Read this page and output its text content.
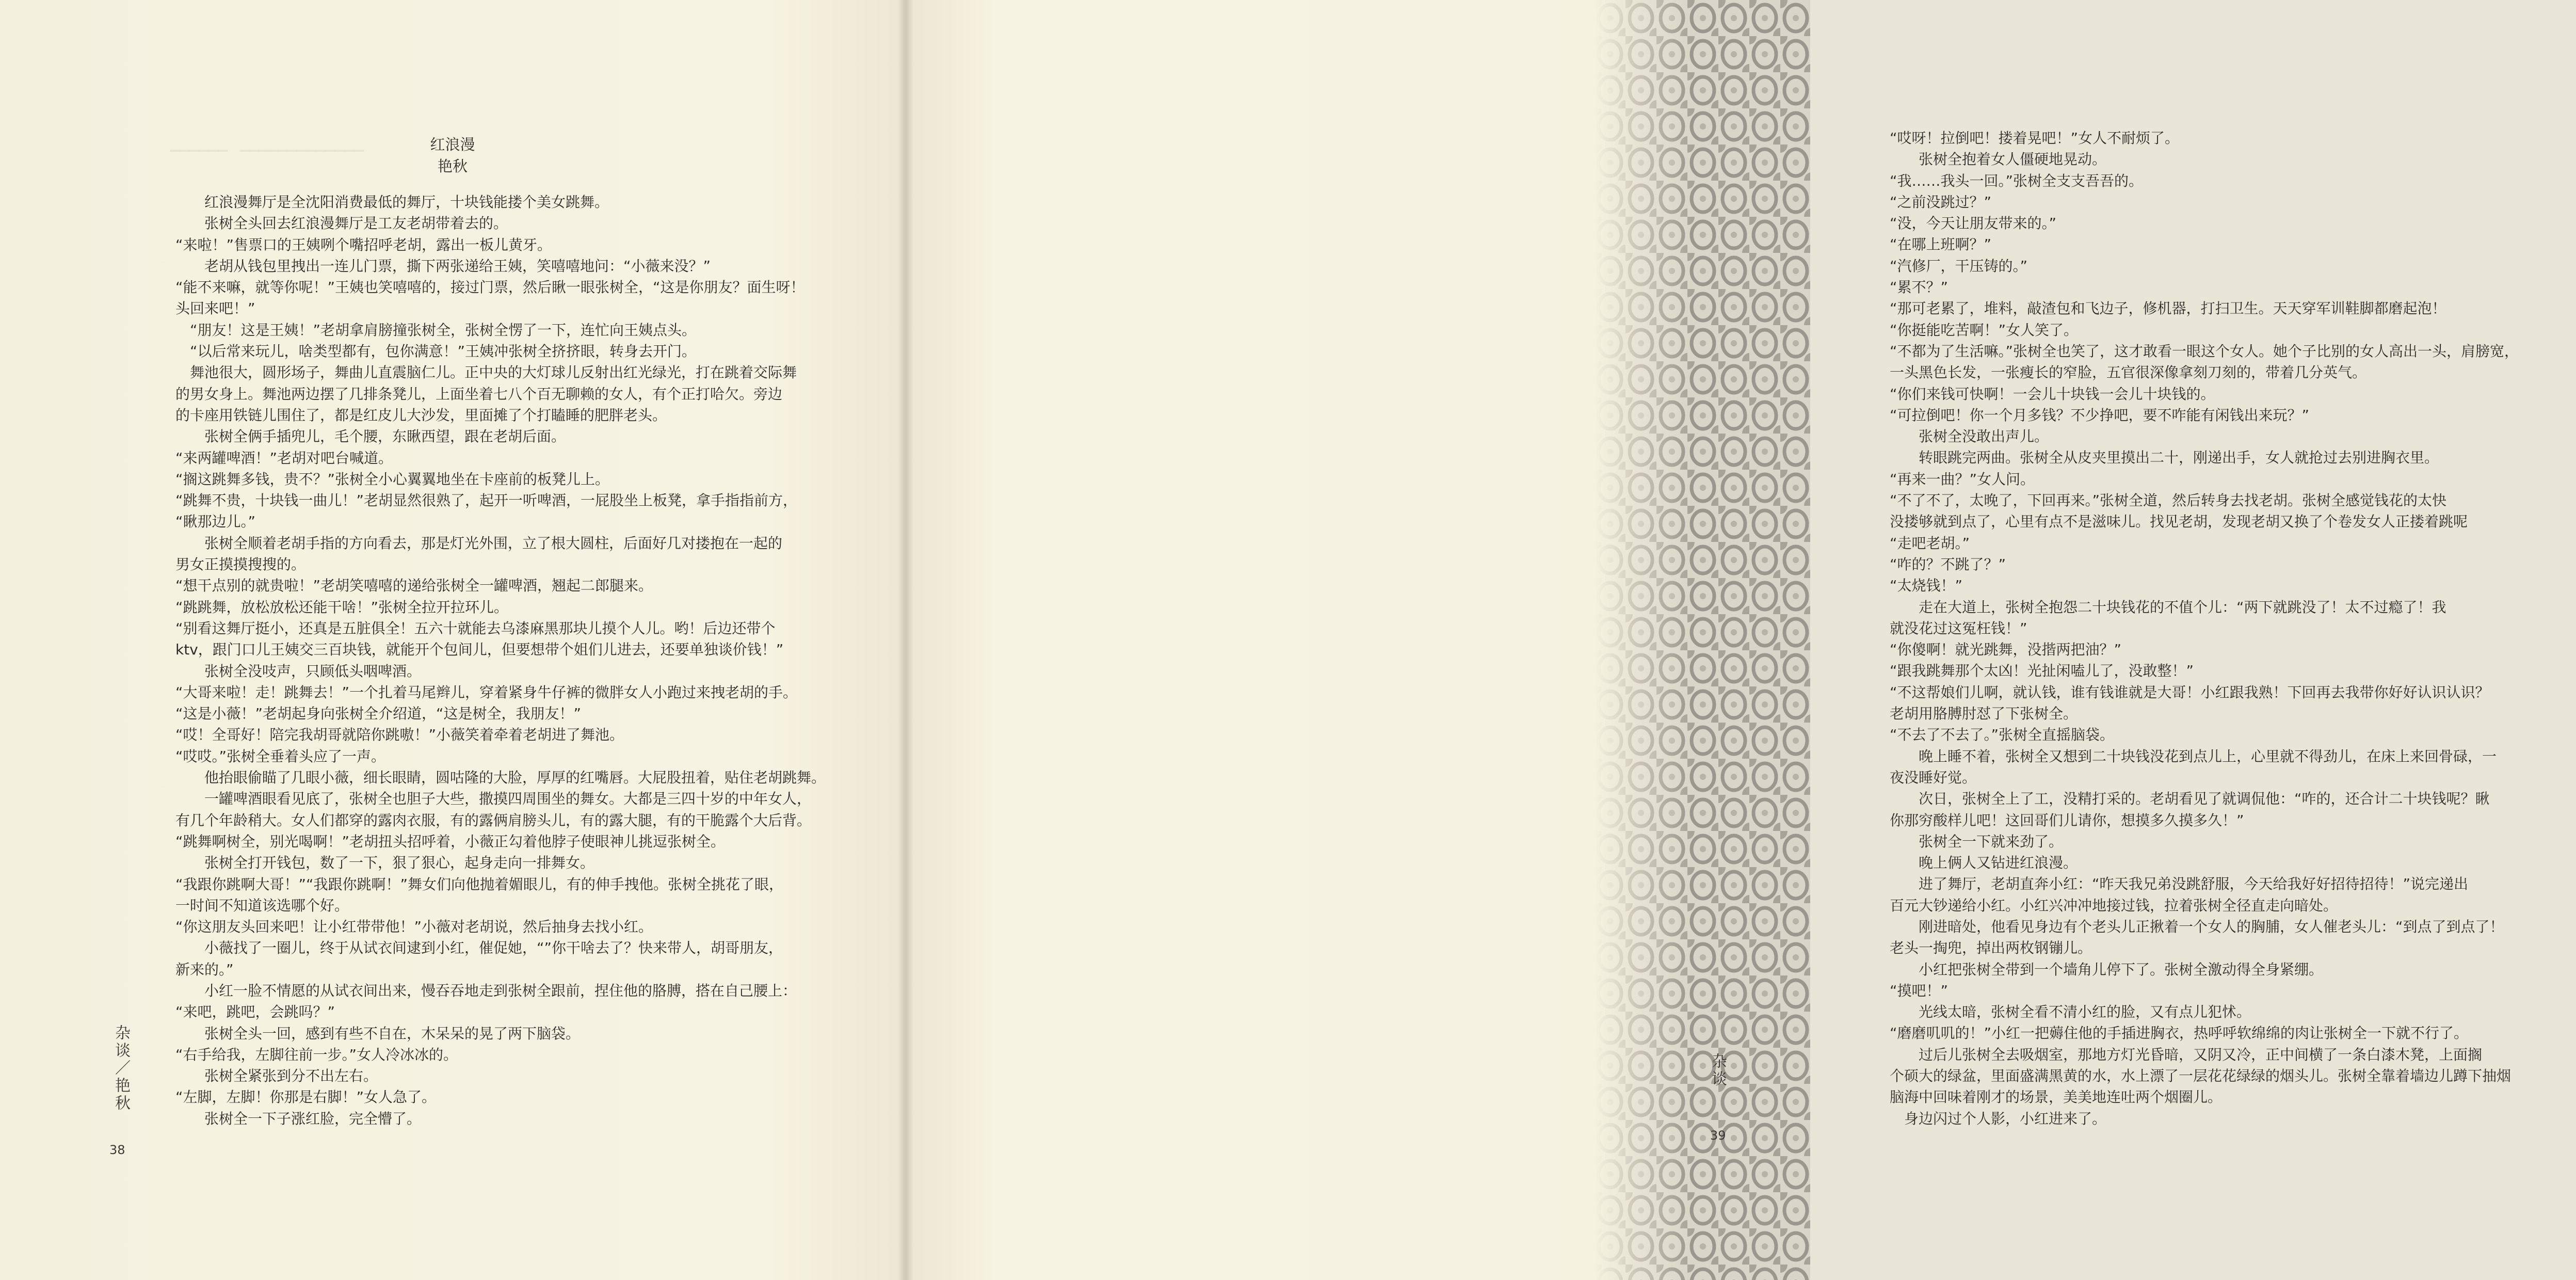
▁▁▁▁▁▁　▁▁▁▁▁▁▁▁▁▁▁▁▁	红浪漫
艳秋

红浪漫舞厅是全沈阳消费最低的舞厅，十块钱能搂个美女跳舞。

张树全头回去红浪漫舞厅是工友老胡带着去的。

“来啦！”售票口的王姨咧个嘴招呼老胡，露出一板儿黄牙。

老胡从钱包里拽出一连儿门票，撕下两张递给王姨，笑嘻嘻地问：“小薇来没？”

“能不来嘛，就等你呢！”王姨也笑嘻嘻的，接过门票，然后瞅一眼张树全，“这是你朋友？面生呀！

头回来吧！”

“朋友！这是王姨！”老胡拿肩膀撞张树全，张树全愣了一下，连忙向王姨点头。

“以后常来玩儿，啥类型都有，包你满意！”王姨冲张树全挤挤眼，转身去开门。

舞池很大，圆形场子，舞曲儿直震脑仁儿。正中央的大灯球儿反射出红光绿光，打在跳着交际舞

的男女身上。舞池两边摆了几排条凳儿，上面坐着七八个百无聊赖的女人，有个正打哈欠。旁边

的卡座用铁链儿围住了，都是红皮儿大沙发，里面摊了个打瞌睡的肥胖老头。

张树全俩手插兜儿，毛个腰，东瞅西望，跟在老胡后面。

“来两罐啤酒！”老胡对吧台喊道。

“搁这跳舞多钱，贵不？”张树全小心翼翼地坐在卡座前的板凳儿上。

“跳舞不贵，十块钱一曲儿！”老胡显然很熟了，起开一听啤酒，一屁股坐上板凳，拿手指指前方，

“瞅那边儿。”

张树全顺着老胡手指的方向看去，那是灯光外围，立了根大圆柱，后面好几对搂抱在一起的

男女正摸摸搜搜的。

“想干点别的就贵啦！”老胡笑嘻嘻的递给张树全一罐啤酒，翘起二郎腿来。

“跳跳舞，放松放松还能干啥！”张树全拉开拉环儿。

“别看这舞厅挺小，还真是五脏俱全！五六十就能去乌漆麻黑那块儿摸个人儿。哟！后边还带个

ktv，跟门口儿王姨交三百块钱，就能开个包间儿，但要想带个姐们儿进去，还要单独谈价钱！”

张树全没吱声，只顾低头咽啤酒。

“大哥来啦！走！跳舞去！”一个扎着马尾辫儿，穿着紧身牛仔裤的微胖女人小跑过来拽老胡的手。

“这是小薇！”老胡起身向张树全介绍道，“这是树全，我朋友！”

“哎！全哥好！陪完我胡哥就陪你跳嗷！”小薇笑着牵着老胡进了舞池。

“哎哎。”张树全垂着头应了一声。

他抬眼偷瞄了几眼小薇，细长眼睛，圆咕隆的大脸，厚厚的红嘴唇。大屁股扭着，贴住老胡跳舞。

一罐啤酒眼看见底了，张树全也胆子大些，撒摸四周围坐的舞女。大都是三四十岁的中年女人，

有几个年龄稍大。女人们都穿的露肉衣服，有的露俩肩膀头儿，有的露大腿，有的干脆露个大后背。

“跳舞啊树全，别光喝啊！”老胡扭头招呼着，小薇正勾着他脖子使眼神儿挑逗张树全。

张树全打开钱包，数了一下，狠了狠心，起身走向一排舞女。

“我跟你跳啊大哥！”“我跟你跳啊！”舞女们向他抛着媚眼儿，有的伸手拽他。张树全挑花了眼，

一时间不知道该选哪个好。

“你这朋友头回来吧！让小红带带他！”小薇对老胡说，然后抽身去找小红。

小薇找了一圈儿，终于从试衣间逮到小红，催促她，“”你干啥去了？快来带人，胡哥朋友，

新来的。”

小红一脸不情愿的从试衣间出来，慢吞吞地走到张树全跟前，捏住他的胳膊，搭在自己腰上：

“来吧，跳吧，会跳吗？”

张树全头一回，感到有些不自在，木呆呆的晃了两下脑袋。

“右手给我，左脚往前一步。”女人冷冰冰的。

张树全紧张到分不出左右。

“左脚，左脚！你那是右脚！”女人急了。

张树全一下子涨红脸，完全懵了。

杂谈／艳秋
38

“哎呀！拉倒吧！搂着晃吧！”女人不耐烦了。

张树全抱着女人僵硬地晃动。

“我……我头一回。”张树全支支吾吾的。

“之前没跳过？”

“没，今天让朋友带来的。”

“在哪上班啊？”

“汽修厂，干压铸的。”

“累不？”

“那可老累了，堆料，敲渣包和飞边子，修机器，打扫卫生。天天穿军训鞋脚都磨起泡！

“你挺能吃苦啊！”女人笑了。

“不都为了生活嘛。”张树全也笑了，这才敢看一眼这个女人。她个子比别的女人高出一头，肩膀宽，

一头黑色长发，一张瘦长的窄脸，五官很深像拿刻刀刻的，带着几分英气。

“你们来钱可快啊！一会儿十块钱一会儿十块钱的。

“可拉倒吧！你一个月多钱？不少挣吧，要不咋能有闲钱出来玩？”

张树全没敢出声儿。

转眼跳完两曲。张树全从皮夹里摸出二十，刚递出手，女人就抢过去别进胸衣里。

“再来一曲？”女人问。

“不了不了，太晚了，下回再来。”张树全道，然后转身去找老胡。张树全感觉钱花的太快

没搂够就到点了，心里有点不是滋味儿。找见老胡，发现老胡又换了个卷发女人正搂着跳呢

“走吧老胡。”

“咋的？不跳了？”

“太烧钱！”

走在大道上，张树全抱怨二十块钱花的不值个儿：“两下就跳没了！太不过瘾了！我

就没花过这冤枉钱！”

“你傻啊！就光跳舞，没揩两把油？”

“跟我跳舞那个太凶！光扯闲嗑儿了，没敢整！”

“不这帮娘们儿啊，就认钱，谁有钱谁就是大哥！小红跟我熟！下回再去我带你好好认识认识？

老胡用胳膊肘怼了下张树全。

“不去了不去了。”张树全直摇脑袋。

晚上睡不着，张树全又想到二十块钱没花到点儿上，心里就不得劲儿，在床上来回骨碌，一

夜没睡好觉。

次日，张树全上了工，没精打采的。老胡看见了就调侃他：“咋的，还合计二十块钱呢？瞅

你那穷酸样儿吧！这回哥们儿请你，想摸多久摸多久！”

张树全一下就来劲了。

晚上俩人又钻进红浪漫。

进了舞厅，老胡直奔小红：“昨天我兄弟没跳舒服，今天给我好好招待招待！”说完递出

百元大钞递给小红。小红兴冲冲地接过钱，拉着张树全径直走向暗处。

刚进暗处，他看见身边有个老头儿正揪着一个女人的胸脯，女人催老头儿：“到点了到点了！

老头一掏兜，掉出两枚钢镚儿。

小红把张树全带到一个墙角儿停下了。张树全激动得全身紧绷。

“摸吧！”

光线太暗，张树全看不清小红的脸，又有点儿犯怵。

“磨磨叽叽的！”小红一把薅住他的手插进胸衣，热呼呼软绵绵的肉让张树全一下就不行了。

过后儿张树全去吸烟室，那地方灯光昏暗，又阴又冷，正中间横了一条白漆木凳，上面搁

个硕大的绿盆，里面盛满黑黄的水，水上漂了一层花花绿绿的烟头儿。张树全靠着墙边儿蹲下抽烟

脑海中回味着刚才的场景，美美地连吐两个烟圈儿。

身边闪过个人影，小红进来了。

杂谈
39
